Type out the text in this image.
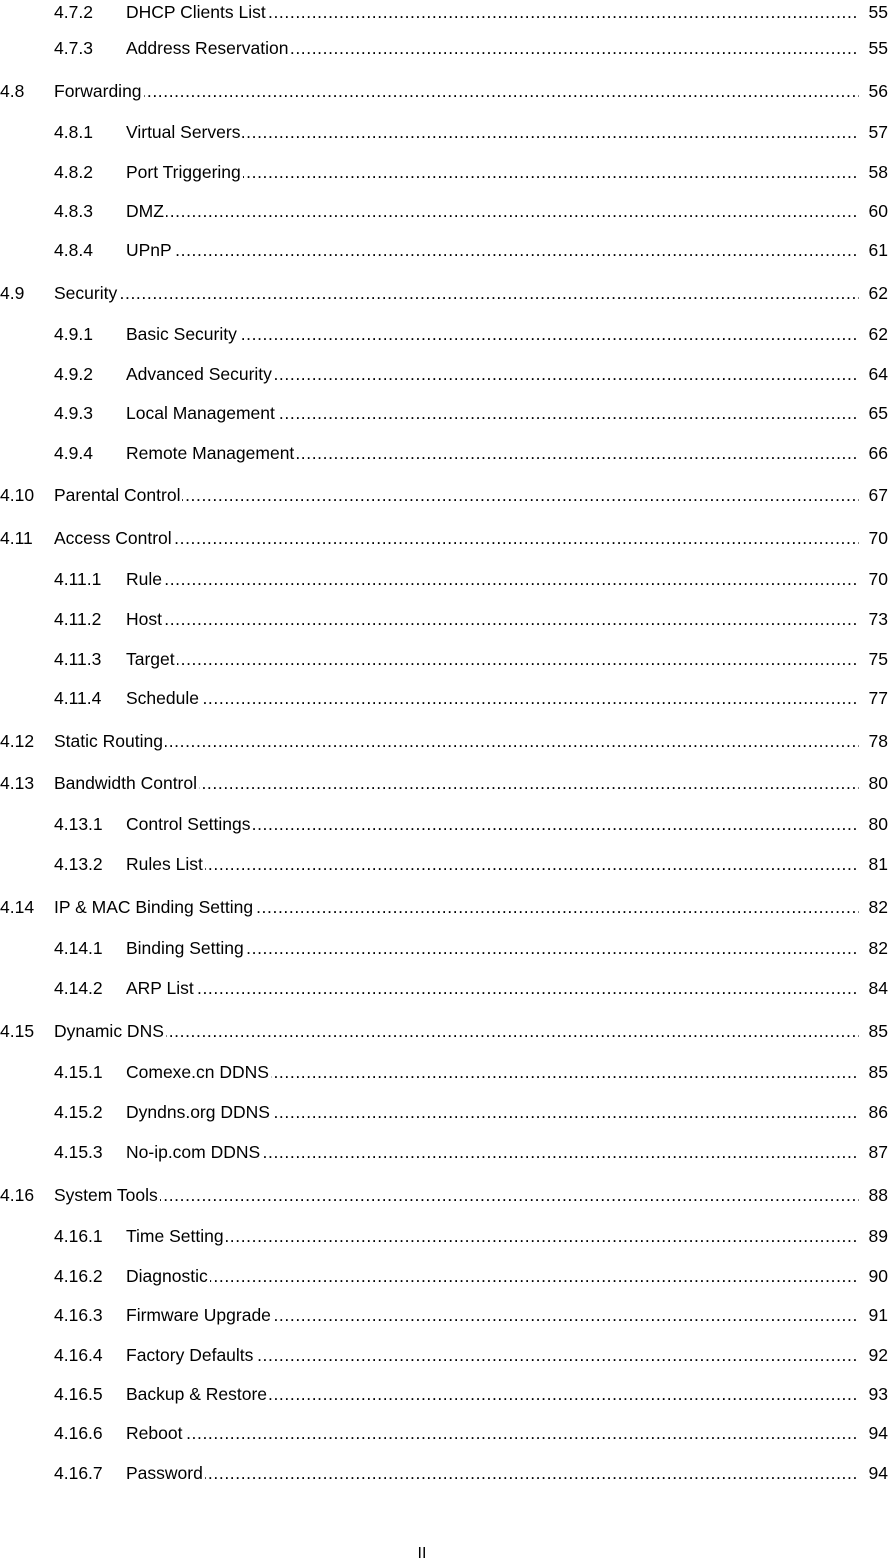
4.7.2 DHCP Clients List .....	55
4.7.3 Address Reservation .....	55
4.8 Forwarding .....	56
4.8.1 Virtual Servers .....	57
4.8.2 Port Triggering .....	58
4.8.3 DMZ .....	60
4.8.4 UPnP .....	61
4.9 Security .....	62
4.9.1 Basic Security .....	62
4.9.2 Advanced Security .....	64
4.9.3 Local Management .....	65
4.9.4 Remote Management .....	66
4.10 Parental Control .....	67
4.11 Access Control .....	70
4.11.1 Rule .....	70
4.11.2 Host .....	73
4.11.3 Target .....	75
4.11.4 Schedule .....	77
4.12 Static Routing .....	78
4.13 Bandwidth Control .....	80
4.13.1 Control Settings .....	80
4.13.2 Rules List .....	81
4.14 IP & MAC Binding Setting .....	82
4.14.1 Binding Setting .....	82
4.14.2 ARP List .....	84
4.15 Dynamic DNS .....	85
4.15.1 Comexe.cn DDNS .....	85
4.15.2 Dyndns.org DDNS .....	86
4.15.3 No-ip.com DDNS .....	87
4.16 System Tools .....	88
4.16.1 Time Setting .....	89
4.16.2 Diagnostic .....	90
4.16.3 Firmware Upgrade .....	91
4.16.4 Factory Defaults .....	92
4.16.5 Backup & Restore .....	93
4.16.6 Reboot .....	94
4.16.7 Password .....	94
II
